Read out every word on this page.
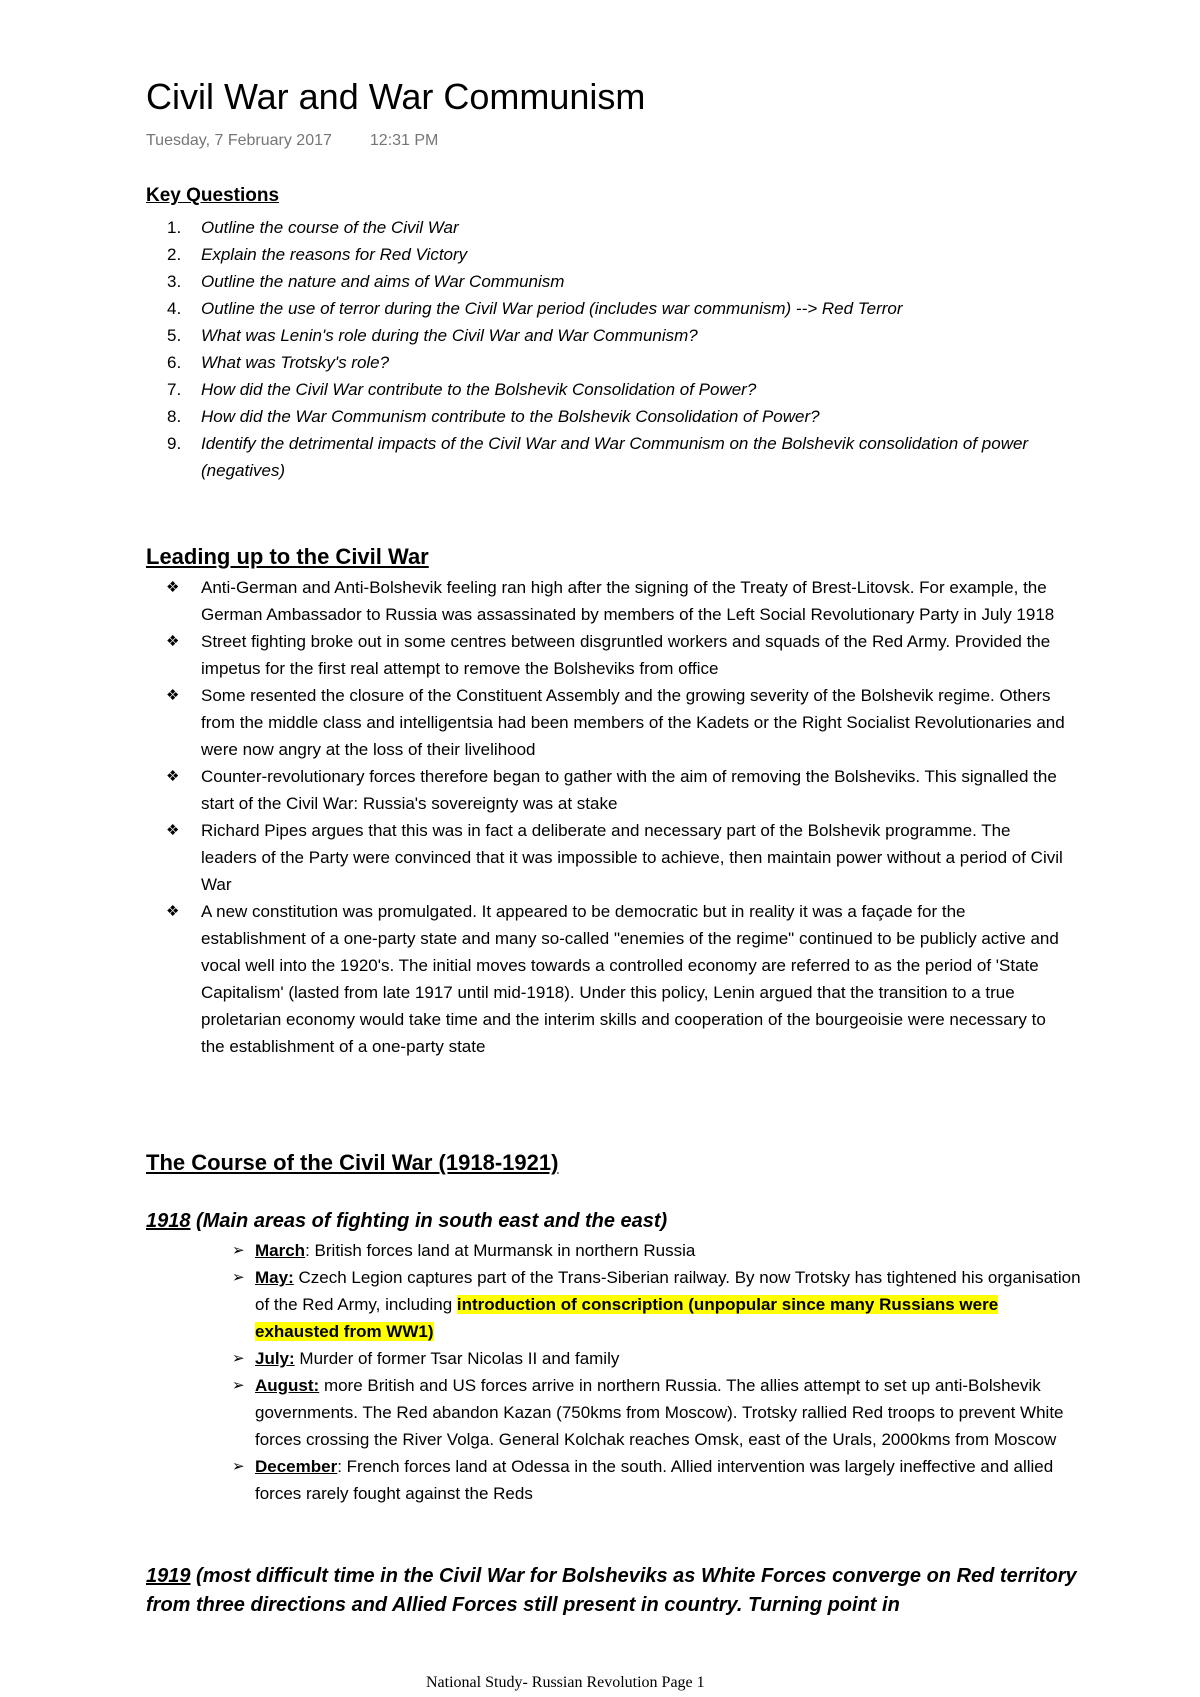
Civil War and War Communism
Tuesday, 7 February 2017 12:31 PM
Key Questions
1. Outline the course of the Civil War
2. Explain the reasons for Red Victory
3. Outline the nature and aims of War Communism
4. Outline the use of terror during the Civil War period (includes war communism) --> Red Terror
5. What was Lenin's role during the Civil War and War Communism?
6. What was Trotsky's role?
7. How did the Civil War contribute to the Bolshevik Consolidation of Power?
8. How did the War Communism contribute to the Bolshevik Consolidation of Power?
9. Identify the detrimental impacts of the Civil War and War Communism on the Bolshevik consolidation of power (negatives)
Leading up to the Civil War
❖ Anti-German and Anti-Bolshevik feeling ran high after the signing of the Treaty of Brest-Litovsk. For example, the German Ambassador to Russia was assassinated by members of the Left Social Revolutionary Party in July 1918
❖ Street fighting broke out in some centres between disgruntled workers and squads of the Red Army. Provided the impetus for the first real attempt to remove the Bolsheviks from office
❖ Some resented the closure of the Constituent Assembly and the growing severity of the Bolshevik regime. Others from the middle class and intelligentsia had been members of the Kadets or the Right Socialist Revolutionaries and were now angry at the loss of their livelihood
❖ Counter-revolutionary forces therefore began to gather with the aim of removing the Bolsheviks. This signalled the start of the Civil War: Russia's sovereignty was at stake
❖ Richard Pipes argues that this was in fact a deliberate and necessary part of the Bolshevik programme. The leaders of the Party were convinced that it was impossible to achieve, then maintain power without a period of Civil War
❖ A new constitution was promulgated. It appeared to be democratic but in reality it was a façade for the establishment of a one-party state and many so-called "enemies of the regime" continued to be publicly active and vocal well into the 1920's. The initial moves towards a controlled economy are referred to as the period of 'State Capitalism' (lasted from late 1917 until mid-1918). Under this policy, Lenin argued that the transition to a true proletarian economy would take time and the interim skills and cooperation of the bourgeoisie were necessary to the establishment of a one-party state
The Course of the Civil War (1918-1921)
1918 (Main areas of fighting in south east and the east)
➢ March: British forces land at Murmansk in northern Russia
➢ May: Czech Legion captures part of the Trans-Siberian railway. By now Trotsky has tightened his organisation of the Red Army, including introduction of conscription (unpopular since many Russians were exhausted from WW1)
➢ July: Murder of former Tsar Nicolas II and family
➢ August: more British and US forces arrive in northern Russia. The allies attempt to set up anti-Bolshevik governments. The Red abandon Kazan (750kms from Moscow). Trotsky rallied Red troops to prevent White forces crossing the River Volga. General Kolchak reaches Omsk, east of the Urals, 2000kms from Moscow
➢ December: French forces land at Odessa in the south. Allied intervention was largely ineffective and allied forces rarely fought against the Reds
1919 (most difficult time in the Civil War for Bolsheviks as White Forces converge on Red territory from three directions and Allied Forces still present in country. Turning point in
National Study- Russian Revolution Page 1
